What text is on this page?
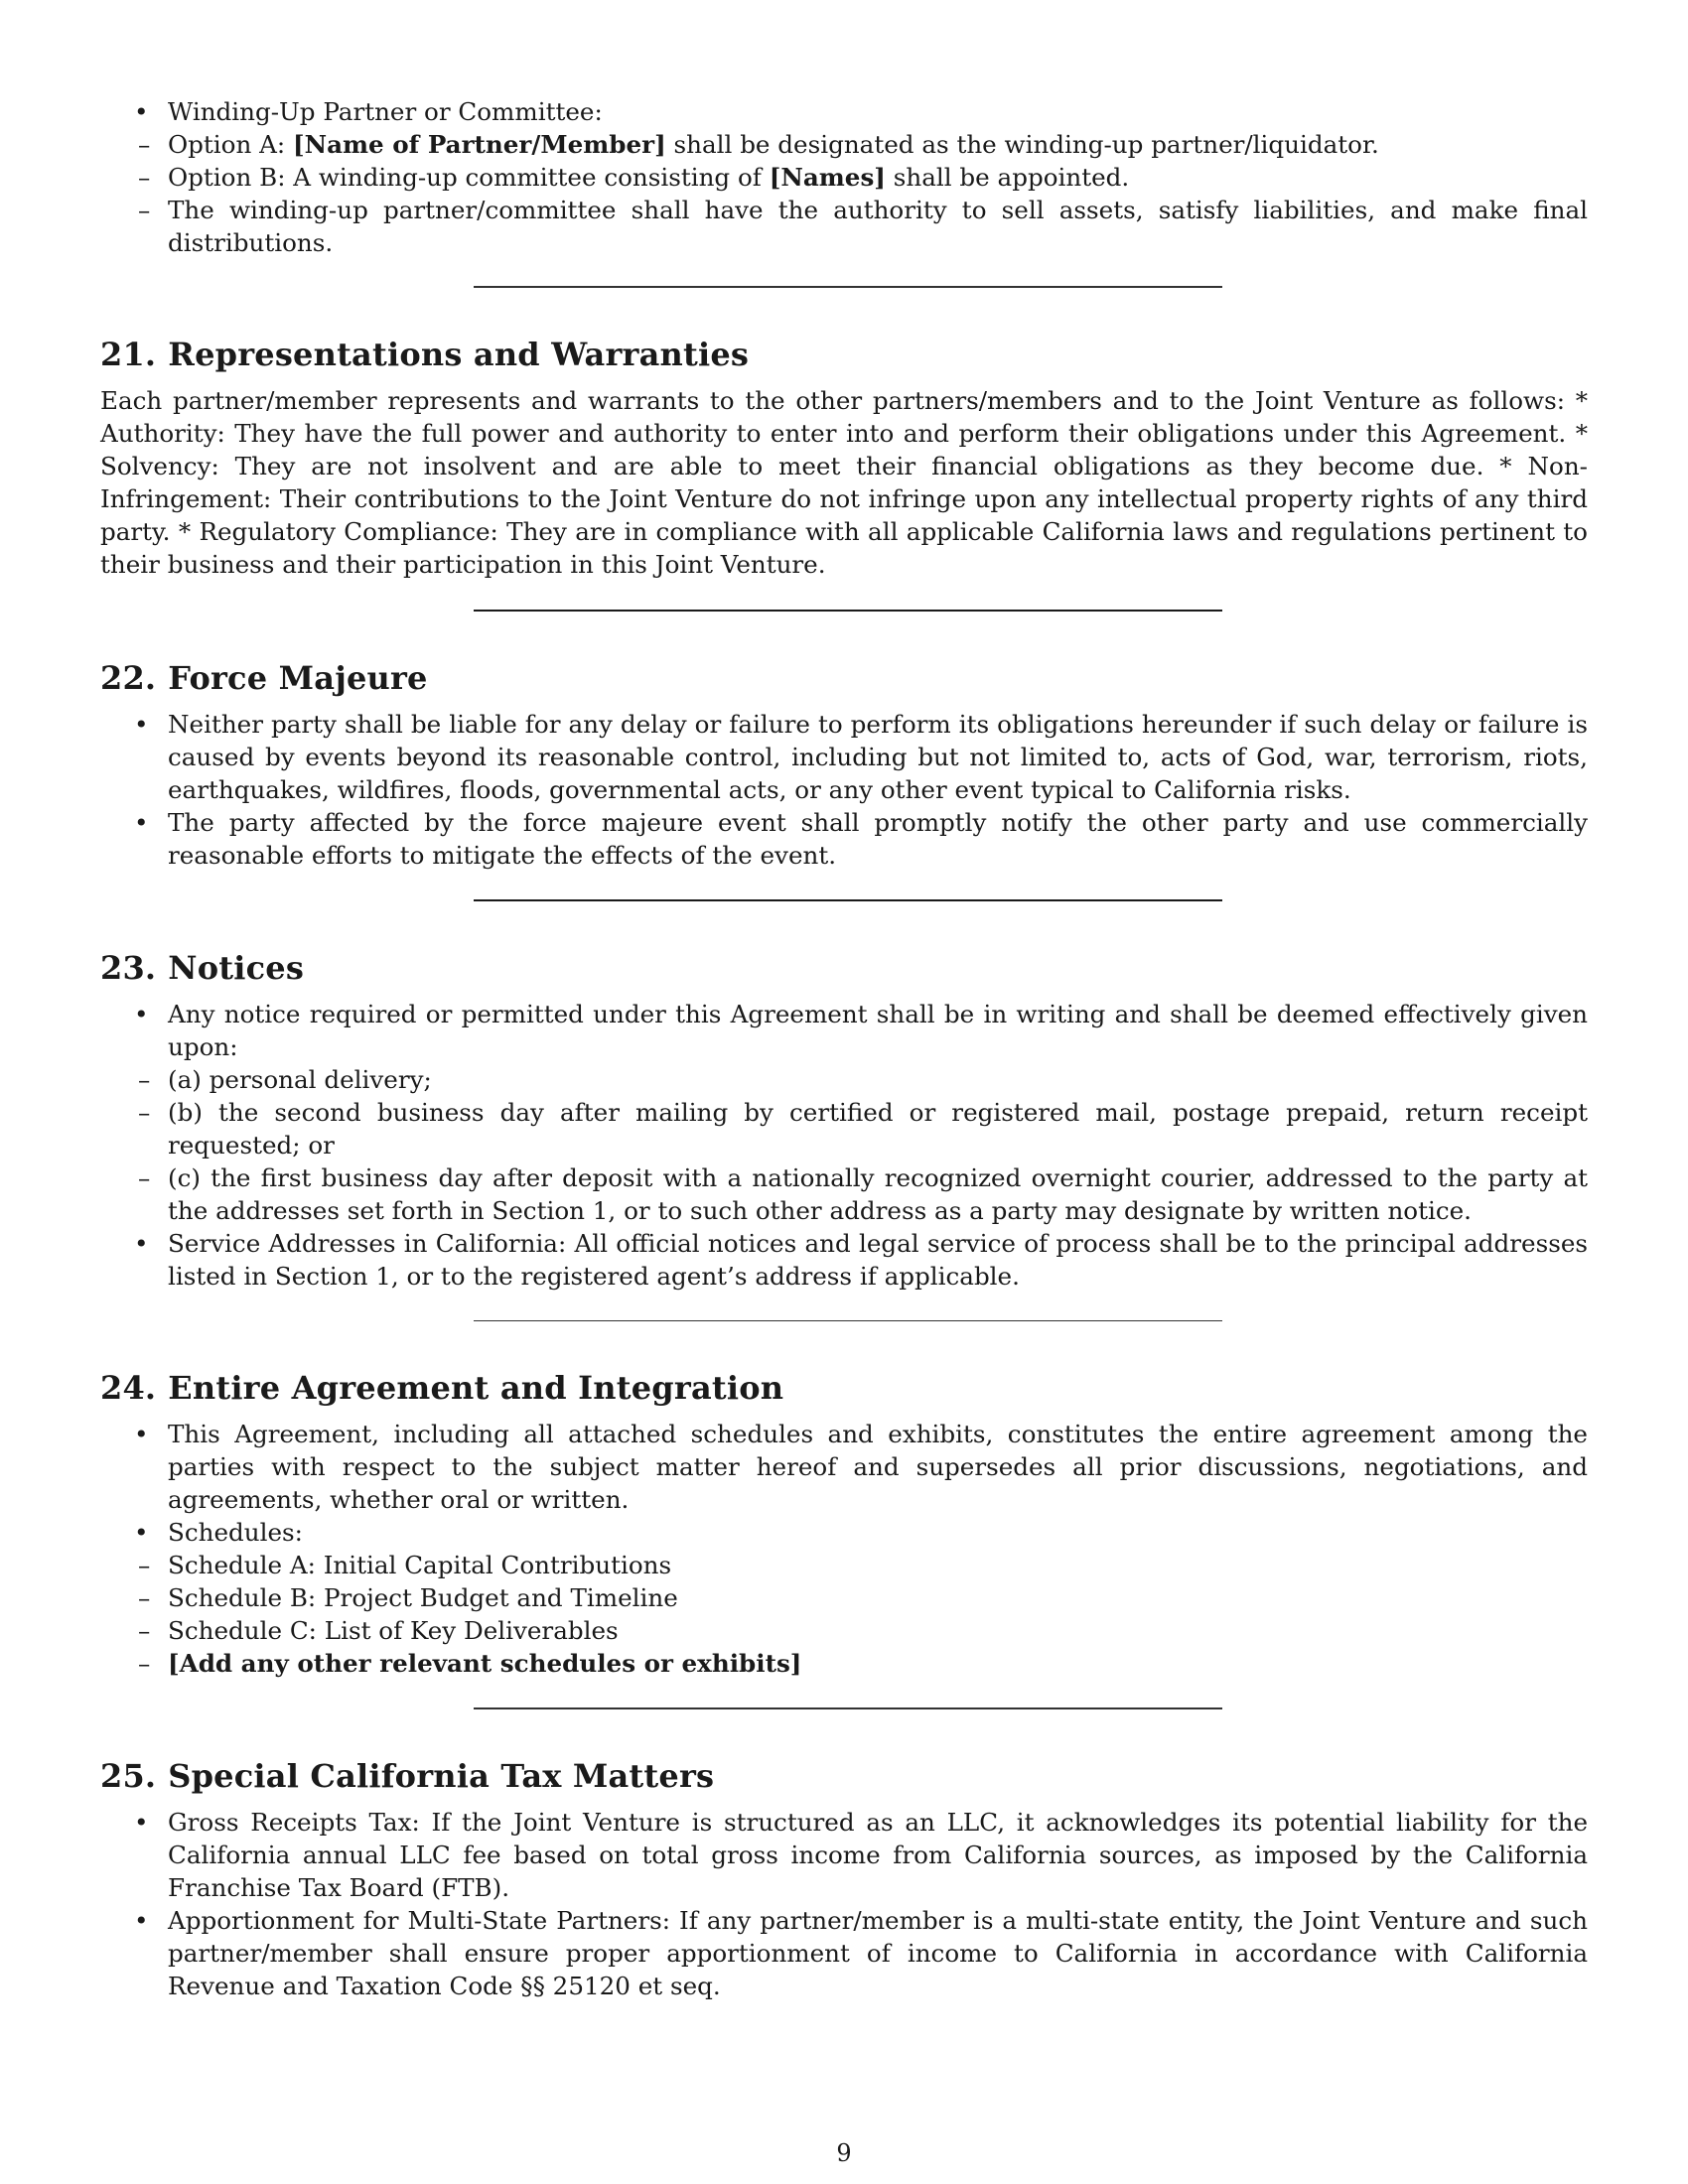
• Winding-Up Partner or Committee:
– Option A: [Name of Partner/Member] shall be designated as the winding-up partner/liquidator.
– Option B: A winding-up committee consisting of [Names] shall be appointed.
– The winding-up partner/committee shall have the authority to sell assets, satisfy liabilities, and make final distributions.
21. Representations and Warranties

Each partner/member represents and warrants to the other partners/members and to the Joint Venture as follows: * Authority: They have the full power and authority to enter into and perform their obligations under this Agreement. * Solvency: They are not insolvent and are able to meet their financial obligations as they become due. * Non-Infringement: Their contributions to the Joint Venture do not infringe upon any intellectual property rights of any third party. * Regulatory Compliance: They are in compliance with all applicable California laws and regulations pertinent to their business and their participation in this Joint Venture.

22. Force Majeure
• Neither party shall be liable for any delay or failure to perform its obligations hereunder if such delay or failure is caused by events beyond its reasonable control, including but not limited to, acts of God, war, terrorism, riots, earthquakes, wildfires, floods, governmental acts, or any other event typical to California risks.
• The party affected by the force majeure event shall promptly notify the other party and use commercially reasonable efforts to mitigate the effects of the event.
23. Notices
• Any notice required or permitted under this Agreement shall be in writing and shall be deemed effectively given upon:
– (a) personal delivery;
– (b) the second business day after mailing by certified or registered mail, postage prepaid, return receipt requested; or
– (c) the first business day after deposit with a nationally recognized overnight courier, addressed to the party at the addresses set forth in Section 1, or to such other address as a party may designate by written notice.
• Service Addresses in California: All official notices and legal service of process shall be to the principal addresses listed in Section 1, or to the registered agent’s address if applicable.
24. Entire Agreement and Integration
• This Agreement, including all attached schedules and exhibits, constitutes the entire agreement among the parties with respect to the subject matter hereof and supersedes all prior discussions, negotiations, and agreements, whether oral or written.
• Schedules:
– Schedule A: Initial Capital Contributions
– Schedule B: Project Budget and Timeline
– Schedule C: List of Key Deliverables
– [Add any other relevant schedules or exhibits]
25. Special California Tax Matters
• Gross Receipts Tax: If the Joint Venture is structured as an LLC, it acknowledges its potential liability for the California annual LLC fee based on total gross income from California sources, as imposed by the California Franchise Tax Board (FTB).
• Apportionment for Multi-State Partners: If any partner/member is a multi-state entity, the Joint Venture and such partner/member shall ensure proper apportionment of income to California in accordance with California Revenue and Taxation Code §§ 25120 et seq.
9
